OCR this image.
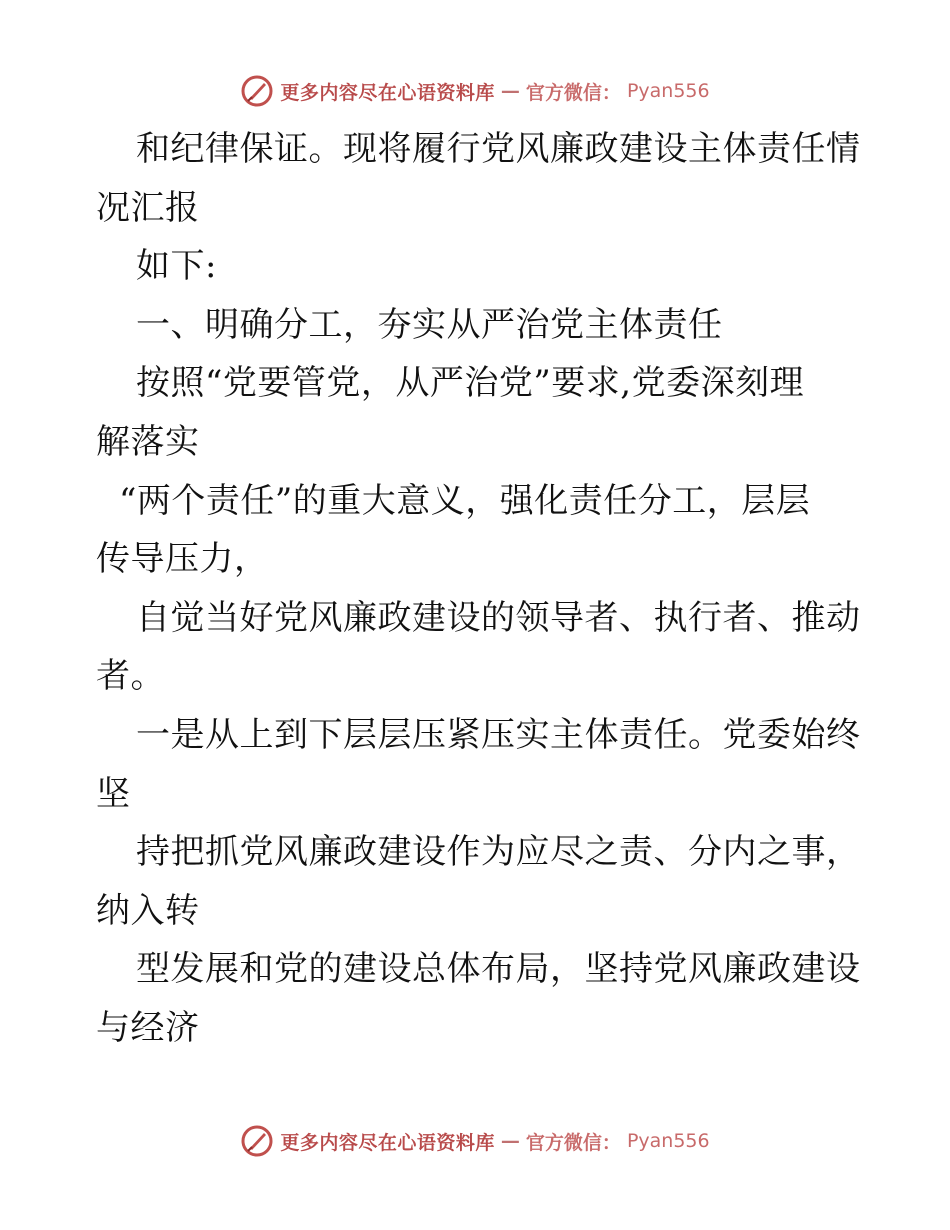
更多内容尽在心语资料库 — 官方微信： Pyan556
和纪律保证。现将履行党风廉政建设主体责任情
况汇报
如下:
一、明确分工，夯实从严治党主体责任
按照“党要管党，从严治党”要求,党委深刻理
解落实
“两个责任”的重大意义，强化责任分工，层层
传导压力，
自觉当好党风廉政建设的领导者、执行者、推动
者。
一是从上到下层层压紧压实主体责任。党委始终
坚
持把抓党风廉政建设作为应尽之责、分内之事，
纳入转
型发展和党的建设总体布局，坚持党风廉政建设
与经济
更多内容尽在心语资料库 — 官方微信： Pyan556
